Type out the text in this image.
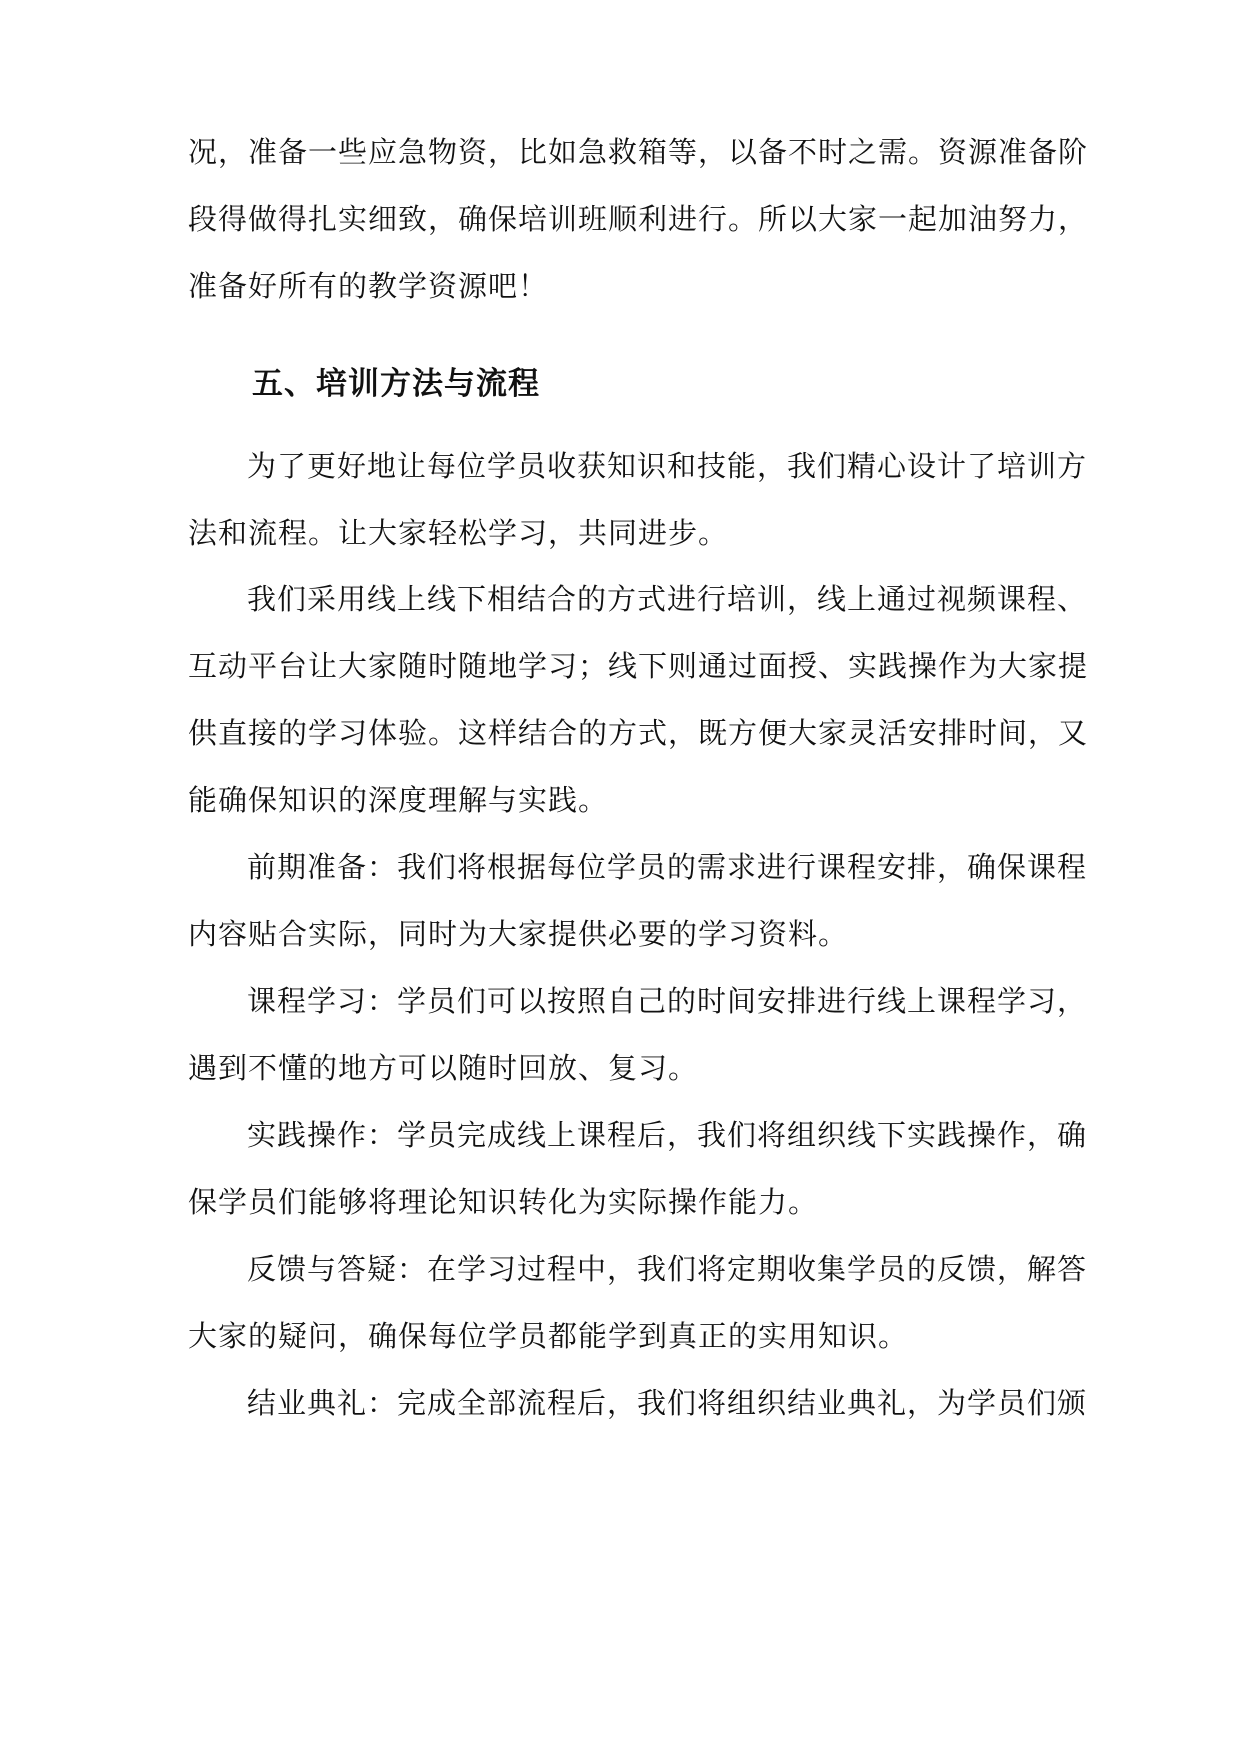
况，准备一些应急物资，比如急救箱等，以备不时之需。资源准备阶
段得做得扎实细致，确保培训班顺利进行。所以大家一起加油努力，
准备好所有的教学资源吧！
五、培训方法与流程
为了更好地让每位学员收获知识和技能，我们精心设计了培训方
法和流程。让大家轻松学习，共同进步。
我们采用线上线下相结合的方式进行培训，线上通过视频课程、
互动平台让大家随时随地学习；线下则通过面授、实践操作为大家提
供直接的学习体验。这样结合的方式，既方便大家灵活安排时间，又
能确保知识的深度理解与实践。
前期准备：我们将根据每位学员的需求进行课程安排，确保课程
内容贴合实际，同时为大家提供必要的学习资料。
课程学习：学员们可以按照自己的时间安排进行线上课程学习，
遇到不懂的地方可以随时回放、复习。
实践操作：学员完成线上课程后，我们将组织线下实践操作，确
保学员们能够将理论知识转化为实际操作能力。
反馈与答疑：在学习过程中，我们将定期收集学员的反馈，解答
大家的疑问，确保每位学员都能学到真正的实用知识。
结业典礼：完成全部流程后，我们将组织结业典礼，为学员们颁
